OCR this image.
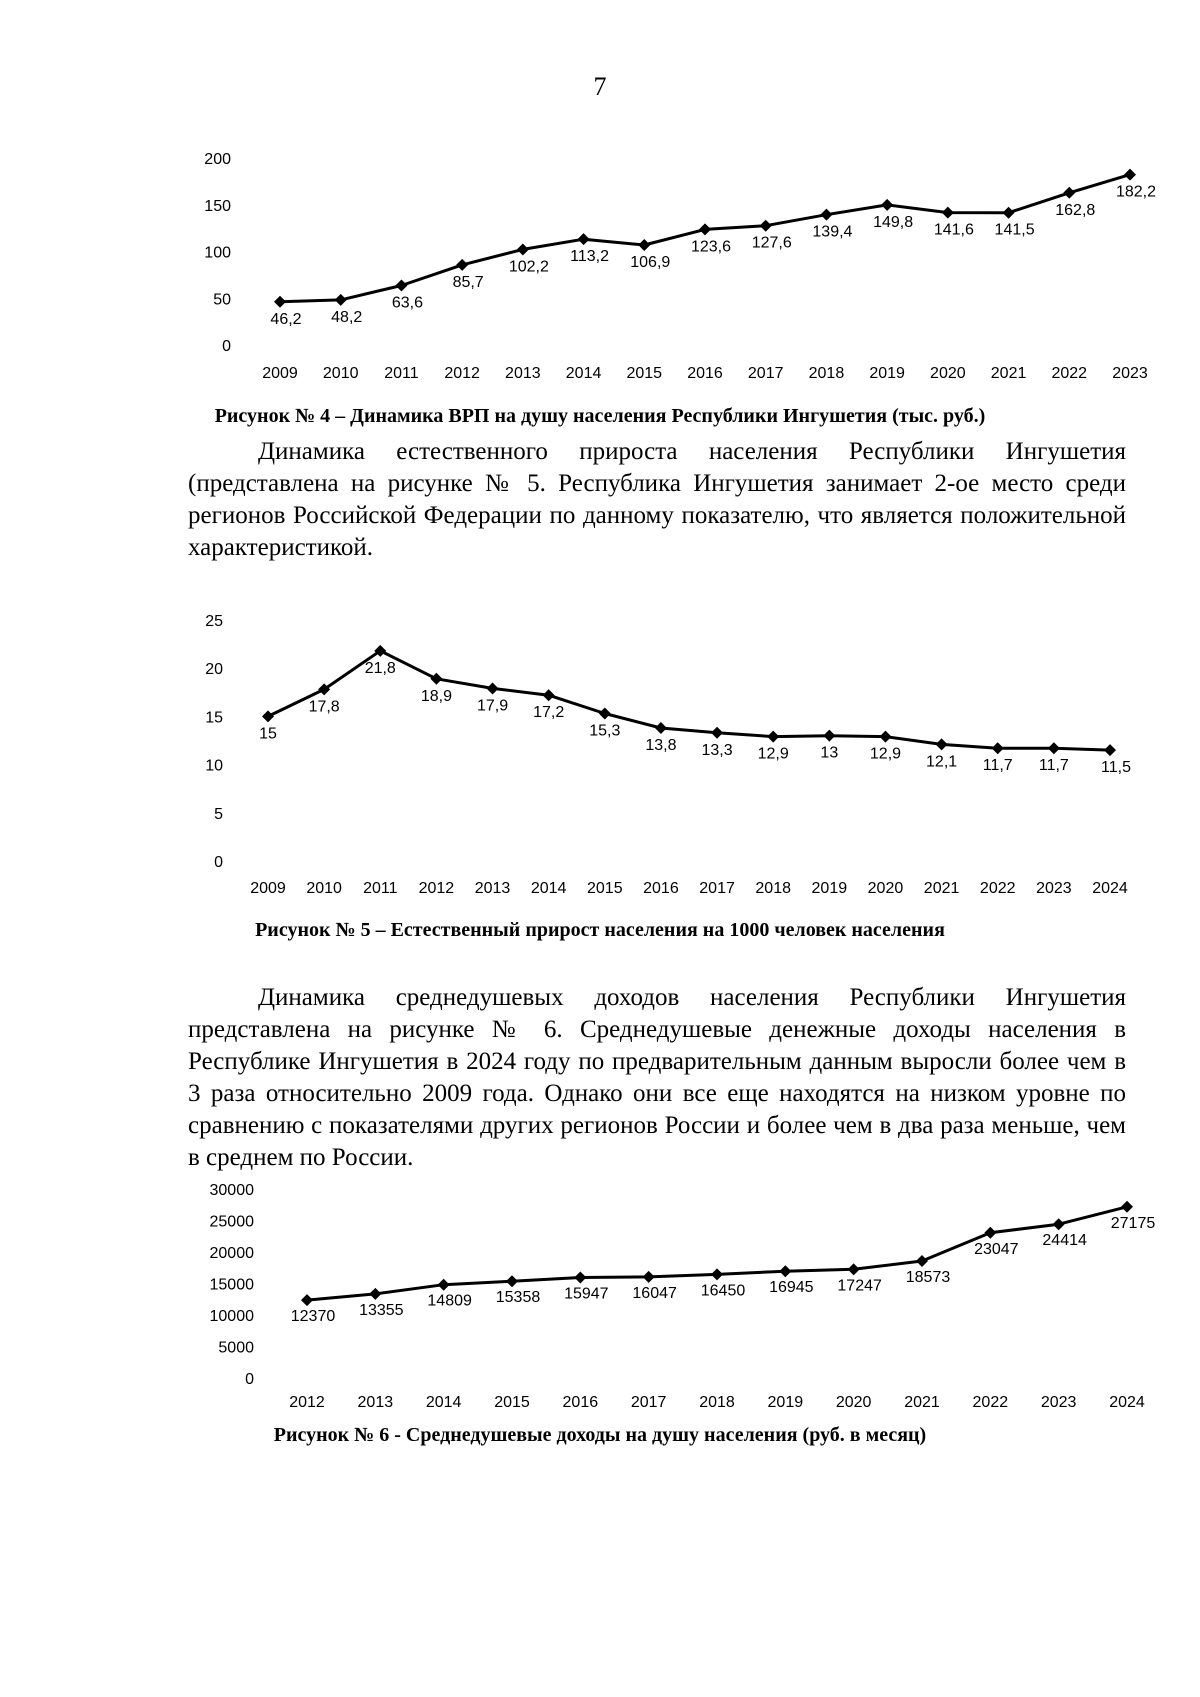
7
0
50
100
150
200
2009 2010 2011 2012 2013 2014 2015 2016 2017 2018 2019 2020 2021 2022 2023
46,2 48,2
63,6
85,7
102,2
113,2 106,9
123,6 127,6
139,4
149,8 141,6 141,5
162,8
182,2
Рисунок № 4 – Динамика ВРП на душу населения Республики Ингушетия (тыс. руб.)

Динамика естественного прироста населения Республики Ингушетия (представлена на рисунке № 5. Республика Ингушетия занимает 2-ое место среди регионов Российской Федерации по данному показателю, что является положительной характеристикой.

0
5
10
15
20
25
2009 2010 2011 2012 2013 2014 2015 2016 2017 2018 2019 2020 2021 2022 2023 2024
15
17,8
21,8
18,9
17,9 17,2
15,3
13,8 13,3 12,9 13 12,9 12,1 11,7 11,7 11,5
Рисунок № 5 – Естественный прирост населения на 1000 человек населения

Динамика среднедушевых доходов населения Республики Ингушетия представлена на рисунке № 6. Среднедушевые денежные доходы населения в Республике Ингушетия в 2024 году по предварительным данным выросли более чем в 3 раза относительно 2009 года. Однако они все еще находятся на низком уровне по сравнению с показателями других регионов России и более чем в два раза меньше, чем в среднем по России.

0
5000
10000
15000
20000
25000
30000
2012 2013 2014 2015 2016 2017 2018 2019 2020 2021 2022 2023 2024
12370 13355
14809 15358 15947 16047 16450 16945 17247 18573
23047
24414
27175
Рисунок № 6 - Среднедушевые доходы на душу населения (руб. в месяц)
